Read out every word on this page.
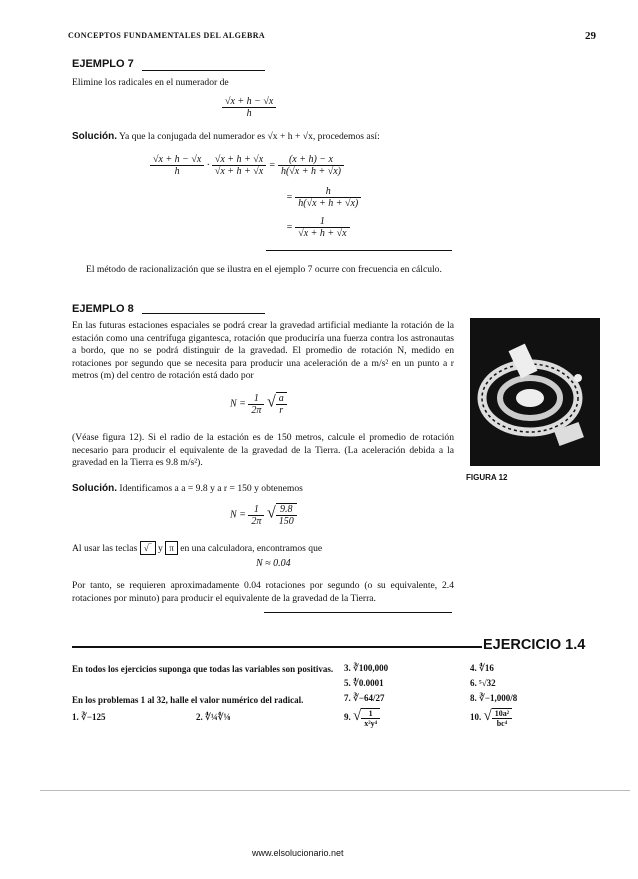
CONCEPTOS FUNDAMENTALES DEL ALGEBRA	29
EJEMPLO 7
Elimine los radicales en el numerador de
$\frac{√x + h - √x}{h}$
Solución. Ya que la conjugada del numerador es √x + h + √x, procedemos así:
$\frac{√x + h - √x}{h} \cdot \frac{√x + h + √x}{√x + h + √x} = \frac{(x + h) - x}{h(√x + h + √x)}$
= $\frac{h}{h(√x + h + √x)}$
= $\frac{1}{√x + h + √x}$
El método de racionalización que se ilustra en el ejemplo 7 ocurre con frecuencia en cálculo.
EJEMPLO 8
En las futuras estaciones espaciales se podrá crear la gravedad artificial mediante la rotación de la estación como una centrífuga gigantesca, rotación que produciría una fuerza contra los astronautas a bordo, que no se podrá distinguir de la gravedad. El promedio de rotación N, medido en rotaciones por segundo que se necesita para producir una aceleración de a m/s² en un punto a r metros (m) del centro de rotación está dado por
$N = \frac{1}{2\pi}$ √ $\frac{a}{r}$
(Véase figura 12). Si el radio de la estación es de 150 metros, calcule el promedio de rotación necesario para producir el equivalente de la gravedad de la Tierra. (La aceleración debida a la gravedad en la Tierra es 9.8 m/s²).
FIGURA 12
Solución. Identificamos a a = 9.8 y a r = 150 y obtenemos
$N = \frac{1}{2\pi}$ √ $\frac{9.8}{150}$
Al usar las teclas √‾ y π en una calculadora, encontramos que
N ≈ 0.04
Por tanto, se requieren aproximadamente 0.04 rotaciones por segundo (o su equivalente, 2.4 rotaciones por minuto) para producir el equivalente de la gravedad de la Tierra.
EJERCICIO 1.4
En todos los ejercicios suponga que todas las variables son positivas.
En los problemas 1 al 32, halle el valor numérico del radical.
1. ∛−125	2. ∜¼∜⅛
3. ∛100,000
5. ∜0.0001
7. ∛−64/27
9. √ $\frac{1}{\text{x²y⁴}}$
4. ∜16
6. ⁵√32
8. ∛−1,000/8
10. √ $\frac{\text{10a²}}{\text{bc⁴}}$
www.elsolucionario.net
